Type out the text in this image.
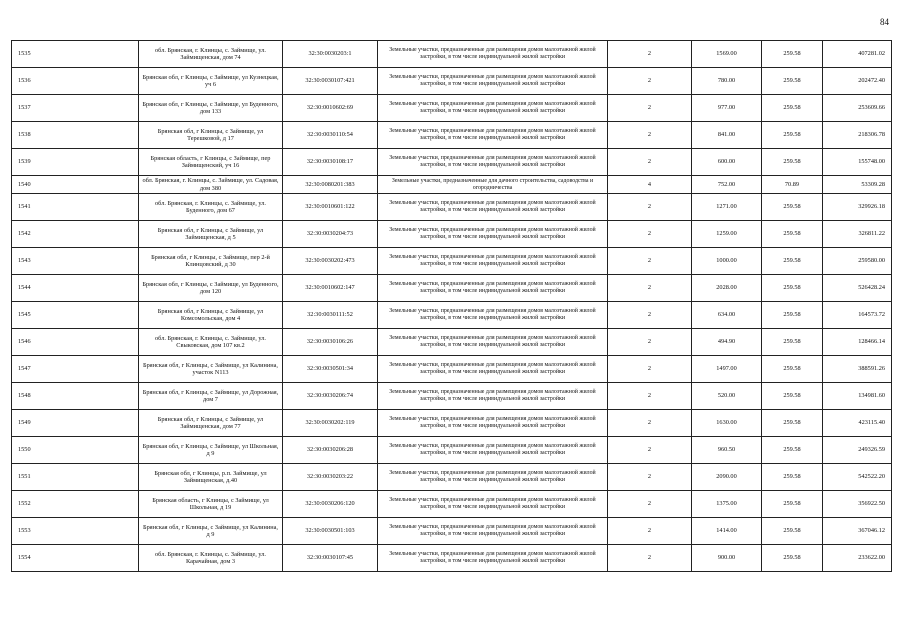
84
1535	обл. Брянская, г. Клинцы, с. Займище, ул. Займищенская, дом 74	32:30:0030203:1	Земельные участки, предназначенные для размещения домов малоэтажной жилой застройки, в том числе индивидуальной жилой застройки	2	1569.00	259.58	407281.02
1536	Брянская обл, г Клинцы, с Займище, ул Кузнецкая, уч 6	32:30:0030107:421	Земельные участки, предназначенные для размещения домов малоэтажной жилой застройки, в том числе индивидуальной жилой застройки	2	780.00	259.58	202472.40
1537	Брянская обл, г Клинцы, с Займище, ул Буденного, дом 133	32:30:0010602:69	Земельные участки, предназначенные для размещения домов малоэтажной жилой застройки, в том числе индивидуальной жилой застройки	2	977.00	259.58	253609.66
1538	Брянская обл, г Клинцы, с Займище, ул Терешковой, д 17	32:30:0030110:54	Земельные участки, предназначенные для размещения домов малоэтажной жилой застройки, в том числе индивидуальной жилой застройки	2	841.00	259.58	218306.78
1539	Брянская область, г Клинцы, с Займище, пер Займищенский, уч 16	32:30:0030108:17	Земельные участки, предназначенные для размещения домов малоэтажной жилой застройки, в том числе индивидуальной жилой застройки	2	600.00	259.58	155748.00
1540	обл. Брянская, г. Клинцы, с. Займище, ул. Садовая, дом 380	32:30:0080201:383	Земельные участки, предназначенные для дачного строительства, садоводства и огородничества	4	752.00	70.89	53309.28
1541	обл. Брянская, г. Клинцы, с. Займище, ул. Буденного, дом 67	32:30:0010601:122	Земельные участки, предназначенные для размещения домов малоэтажной жилой застройки, в том числе индивидуальной жилой застройки	2	1271.00	259.58	329926.18
1542	Брянская обл, г Клинцы, с Займище, ул Займищенская, д 5	32:30:0030204:73	Земельные участки, предназначенные для размещения домов малоэтажной жилой застройки, в том числе индивидуальной жилой застройки	2	1259.00	259.58	326811.22
1543	Брянская обл, г Клинцы, с Займище, пер 2-й Клинцовский, д 30	32:30:0030202:473	Земельные участки, предназначенные для размещения домов малоэтажной жилой застройки, в том числе индивидуальной жилой застройки	2	1000.00	259.58	259580.00
1544	Брянская обл, г Клинцы, с Займище, ул Буденного, дом 120	32:30:0010602:147	Земельные участки, предназначенные для размещения домов малоэтажной жилой застройки, в том числе индивидуальной жилой застройки	2	2028.00	259.58	526428.24
1545	Брянская обл, г Клинцы, с Займище, ул Комсомольская, дом 4	32:30:0030111:52	Земельные участки, предназначенные для размещения домов малоэтажной жилой застройки, в том числе индивидуальной жилой застройки	2	634.00	259.58	164573.72
1546	обл. Брянская, г. Клинцы, с. Займище, ул. Свыковская, дом 107 кв.2	32:30:0030106:26	Земельные участки, предназначенные для размещения домов малоэтажной жилой застройки, в том числе индивидуальной жилой застройки	2	494.90	259.58	128466.14
1547	Брянская обл, г Клинцы, с Займище, ул Калинина, участок N113	32:30:0030501:34	Земельные участки, предназначенные для размещения домов малоэтажной жилой застройки, в том числе индивидуальной жилой застройки	2	1497.00	259.58	388591.26
1548	Брянская обл, г Клинцы, с Займище, ул Дорожная, дом 7	32:30:0030206:74	Земельные участки, предназначенные для размещения домов малоэтажной жилой застройки, в том числе индивидуальной жилой застройки	2	520.00	259.58	134981.60
1549	Брянская обл, г Клинцы, с Займище, ул Займищенская, дом 77	32:30:0030202:119	Земельные участки, предназначенные для размещения домов малоэтажной жилой застройки, в том числе индивидуальной жилой застройки	2	1630.00	259.58	423115.40
1550	Брянская обл, г Клинцы, с Займище, ул Школьная, д 9	32:30:0030206:28	Земельные участки, предназначенные для размещения домов малоэтажной жилой застройки, в том числе индивидуальной жилой застройки	2	960.50	259.58	249326.59
1551	Брянская обл, г Клинцы, р.п. Займище, ул Займищенская, д.40	32:30:0030203:22	Земельные участки, предназначенные для размещения домов малоэтажной жилой застройки, в том числе индивидуальной жилой застройки	2	2090.00	259.58	542522.20
1552	Брянская область, г Клинцы, с Займище, ул Школьная, д 19	32:30:0030206:120	Земельные участки, предназначенные для размещения домов малоэтажной жилой застройки, в том числе индивидуальной жилой застройки	2	1375.00	259.58	356922.50
1553	Брянская обл, г Клинцы, с Займище, ул Калинина, д 9	32:30:0030501:103	Земельные участки, предназначенные для размещения домов малоэтажной жилой застройки, в том числе индивидуальной жилой застройки	2	1414.00	259.58	367046.12
1554	обл. Брянская, г. Клинцы, с. Займище, ул. Карачайная, дом 3	32:30:0030107:45	Земельные участки, предназначенные для размещения домов малоэтажной жилой застройки, в том числе индивидуальной жилой застройки	2	900.00	259.58	233622.00
